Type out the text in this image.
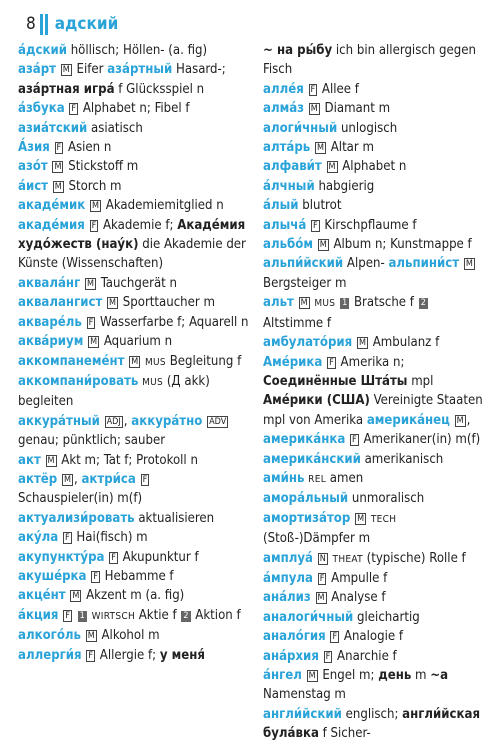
8 адский
а́дский höllisch; Höllen- (a. fig)
аза́рт M Eifer аза́ртный Hasard-; аза́ртная игра́ f Glücksspiel n
а́збука F Alphabet n; Fibel f
азиа́тский asiatisch
А́зия F Asien n
азо́т M Stickstoff m
а́ист M Storch m
акаде́мик M Akademiemitglied n акаде́мия F Akademie f; Акаде́мия худо́жеств (нау́к) die Akademie der Künste (Wissenschaften)
аквала́нг M Tauchgerät n аквалангист M Sporttaucher m
акваре́ль F Wasserfarbe f; Aquarell n
аква́риум M Aquarium n
аккомпанеме́нт M MUS Begleitung f аккомпани́ровать MUS (Д akk) begleiten
аккура́тный ADJ , аккура́тно ADV genau; pünktlich; sauber
акт M Akt m; Tat f; Protokoll n
актёр M , актри́са F Schauspieler(in) m(f)
актуализи́ровать aktualisieren
аку́ла F Hai(fisch) m
акупункту́ра F Akupunktur f
акуше́рка F Hebamme f
акце́нт M Akzent m (a. fig)
а́кция F 1 WIRTSCH Aktie f 2 Aktion f
алкого́ль M Alkohol m
аллерги́я F Allergie f; у меня́
~ на ры́бу ich bin allergisch gegen Fisch
алле́я F Allee f
алма́з M Diamant m
алоги́чный unlogisch
алта́рь M Altar m
алфави́т M Alphabet n
а́лчный habgierig
а́лый blutrot
алыча́ F Kirschpflaume f
альбо́м M Album n; Kunstmappe f
альпи́йский Alpen- альпини́ст M Bergsteiger m
альт M MUS 1 Bratsche f 2 Altstimme f
амбулато́рия M Ambulanz f
Аме́рика F Amerika n; Соединённые Шта́ты mpl Аме́рики (США) Vereinigte Staaten mpl von Amerika америка́нец M , америка́нка F Amerikaner(in) m(f) америка́нский amerikanisch
ами́нь REL amen
амора́льный unmoralisch
амортиза́тор M TECH (Stoß-)Dämpfer m
амплуа́ N THEAT (typische) Rolle f
а́мпула F Ampulle f
ана́лиз M Analyse f
аналоги́чный gleichartig анало́гия F Analogie f
ана́рхия F Anarchie f
а́нгел M Engel m; день m ~а Namenstag m
англи́йский englisch; англи́йская була́вка f Sicher-
